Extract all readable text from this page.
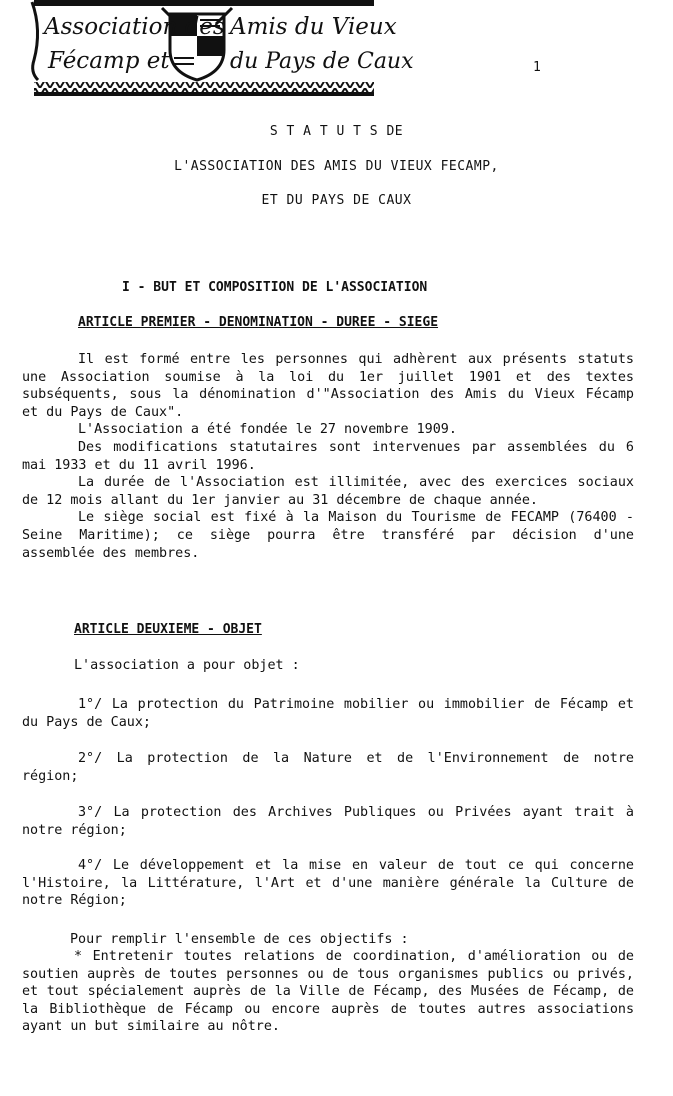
Association des Amis du Vieux
Fécamp et	du Pays de Caux	1
S T A T U T S DE
L'ASSOCIATION DES AMIS DU VIEUX FECAMP,
ET DU PAYS DE CAUX
I - BUT ET COMPOSITION DE L'ASSOCIATION
ARTICLE PREMIER - DENOMINATION - DUREE - SIEGE

Il est formé entre les personnes qui adhèrent aux présents statuts une Association soumise à la loi du 1er juillet 1901 et des textes subséquents, sous la dénomination d'"Association des Amis du Vieux Fécamp et du Pays de Caux".

L'Association a été fondée le 27 novembre 1909.

Des modifications statutaires sont intervenues par assemblées du 6 mai 1933 et du 11 avril 1996.

La durée de l'Association est illimitée, avec des exercices sociaux de 12 mois allant du 1er janvier au 31 décembre de chaque année.

Le siège social est fixé à la Maison du Tourisme de FECAMP (76400 - Seine Maritime); ce siège pourra être transféré par décision d'une assemblée des membres.

ARTICLE DEUXIEME - OBJET
L'association a pour objet :

1°/ La protection du Patrimoine mobilier ou immobilier de Fécamp et du Pays de Caux;

2°/ La protection de la Nature et de l'Environnement de notre région;

3°/ La protection des Archives Publiques ou Privées ayant trait à notre région;

4°/ Le développement et la mise en valeur de tout ce qui concerne l'Histoire, la Littérature, l'Art et d'une manière générale la Culture de notre Région;

Pour remplir l'ensemble de ces objectifs :

* Entretenir toutes relations de coordination, d'amélioration ou de soutien auprès de toutes personnes ou de tous organismes publics ou privés, et tout spécialement auprès de la Ville de Fécamp, des Musées de Fécamp, de la Bibliothèque de Fécamp ou encore auprès de toutes autres associations ayant un but similaire au nôtre.
